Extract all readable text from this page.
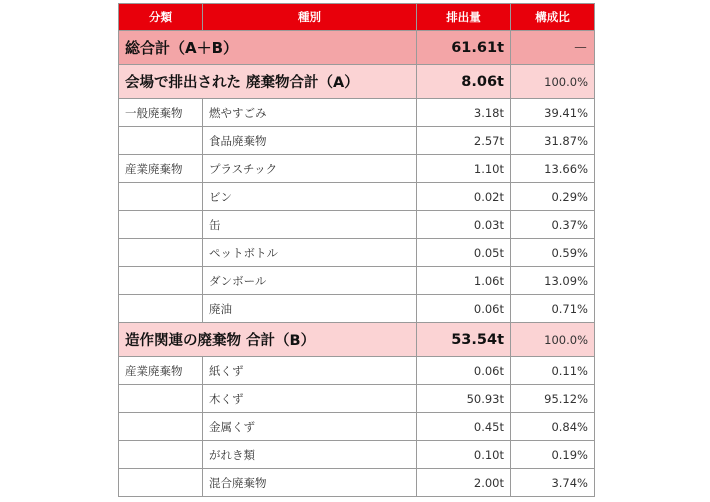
分類	種別	排出量	構成比
総合計（A＋B）		61.61t	－
会場で排出された 廃棄物合計（A）		8.06t	100.0%
一般廃棄物	燃やすごみ	3.18t	39.41%
	食品廃棄物	2.57t	31.87%
産業廃棄物	プラスチック	1.10t	13.66%
	ビン	0.02t	0.29%
	缶	0.03t	0.37%
	ペットボトル	0.05t	0.59%
	ダンボール	1.06t	13.09%
	廃油	0.06t	0.71%
造作関連の廃棄物 合計（B）		53.54t	100.0%
産業廃棄物	紙くず	0.06t	0.11%
	木くず	50.93t	95.12%
	金属くず	0.45t	0.84%
	がれき類	0.10t	0.19%
	混合廃棄物	2.00t	3.74%
